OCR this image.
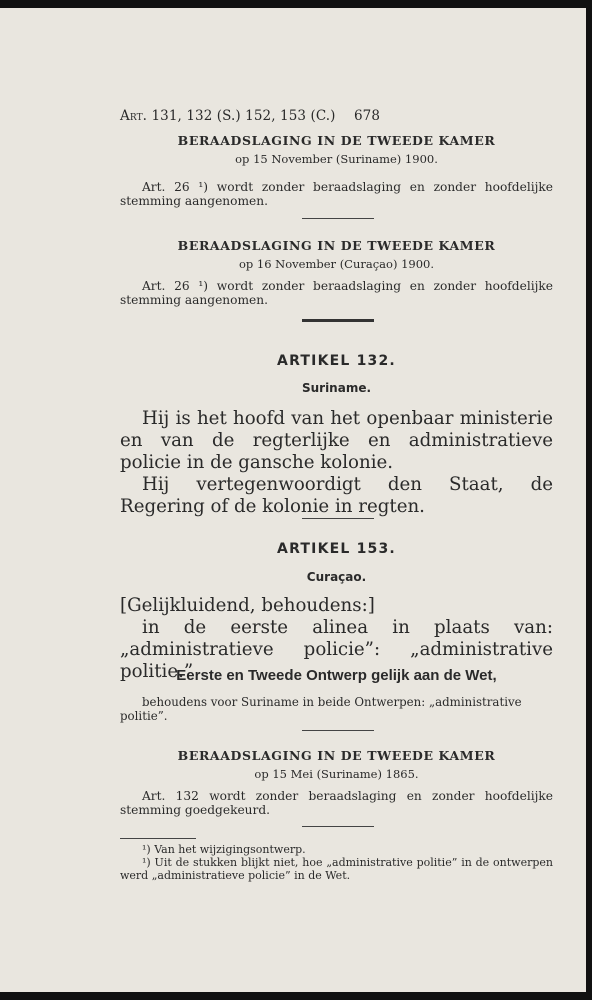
Art. 131, 132 (S.) 152, 153 (C.) 678
BERAADSLAGING IN DE TWEEDE KAMER
op 15 November (Suriname) 1900.
Art. 26 ¹) wordt zonder beraadslaging en zonder hoofdelijke stemming aangenomen.
BERAADSLAGING IN DE TWEEDE KAMER
op 16 November (Curaçao) 1900.
Art. 26 ¹) wordt zonder beraadslaging en zonder hoofdelijke stemming aangenomen.
ARTIKEL 132.
Suriname.

Hij is het hoofd van het openbaar ministerie en van de regterlijke en administratieve policie in de gansche kolonie.

Hij vertegenwoordigt den Staat, de Regering of de kolonie in regten.

ARTIKEL 153.
Curaçao.

[Gelijkluidend, behoudens:]

in de eerste alinea in plaats van: „administratieve policie”: „administrative politie.”

Eerste en Tweede Ontwerp gelijk aan de Wet,
behoudens voor Suriname in beide Ontwerpen: „administrative politie”.
BERAADSLAGING IN DE TWEEDE KAMER
op 15 Mei (Suriname) 1865.
Art. 132 wordt zonder beraadslaging en zonder hoofdelijke stemming goedgekeurd.
¹) Van het wijzigingsontwerp.
¹) Uit de stukken blijkt niet, hoe „administrative politie” in de ontwerpen werd „administratieve policie” in de Wet.
